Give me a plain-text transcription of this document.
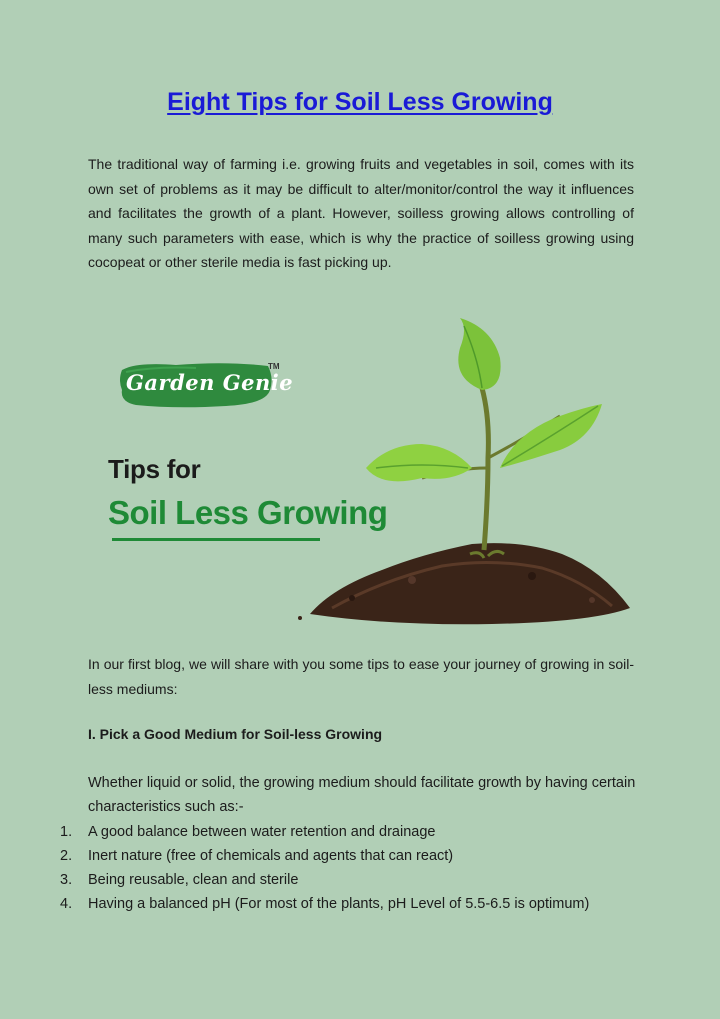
Eight Tips for Soil Less Growing
The traditional way of farming i.e. growing fruits and vegetables in soil, comes with its own set of problems as it may be difficult to alter/monitor/control the way it influences and facilitates the growth of a plant. However, soilless growing allows controlling of many such parameters with ease, which is why the practice of soilless growing using cocopeat or other sterile media is fast picking up.
Garden Genie
TM
Tips for
Soil Less Growing
In our first blog, we will share with you some tips to ease your journey of growing in soil-less mediums:
I. Pick a Good Medium for Soil-less Growing
Whether liquid or solid, the growing medium should facilitate growth by having certain characteristics such as:-
1.	A good balance between water retention and drainage
2.	Inert nature (free of chemicals and agents that can react)
3.	Being reusable, clean and sterile
4.	Having a balanced pH (For most of the plants, pH Level of 5.5-6.5 is optimum)
